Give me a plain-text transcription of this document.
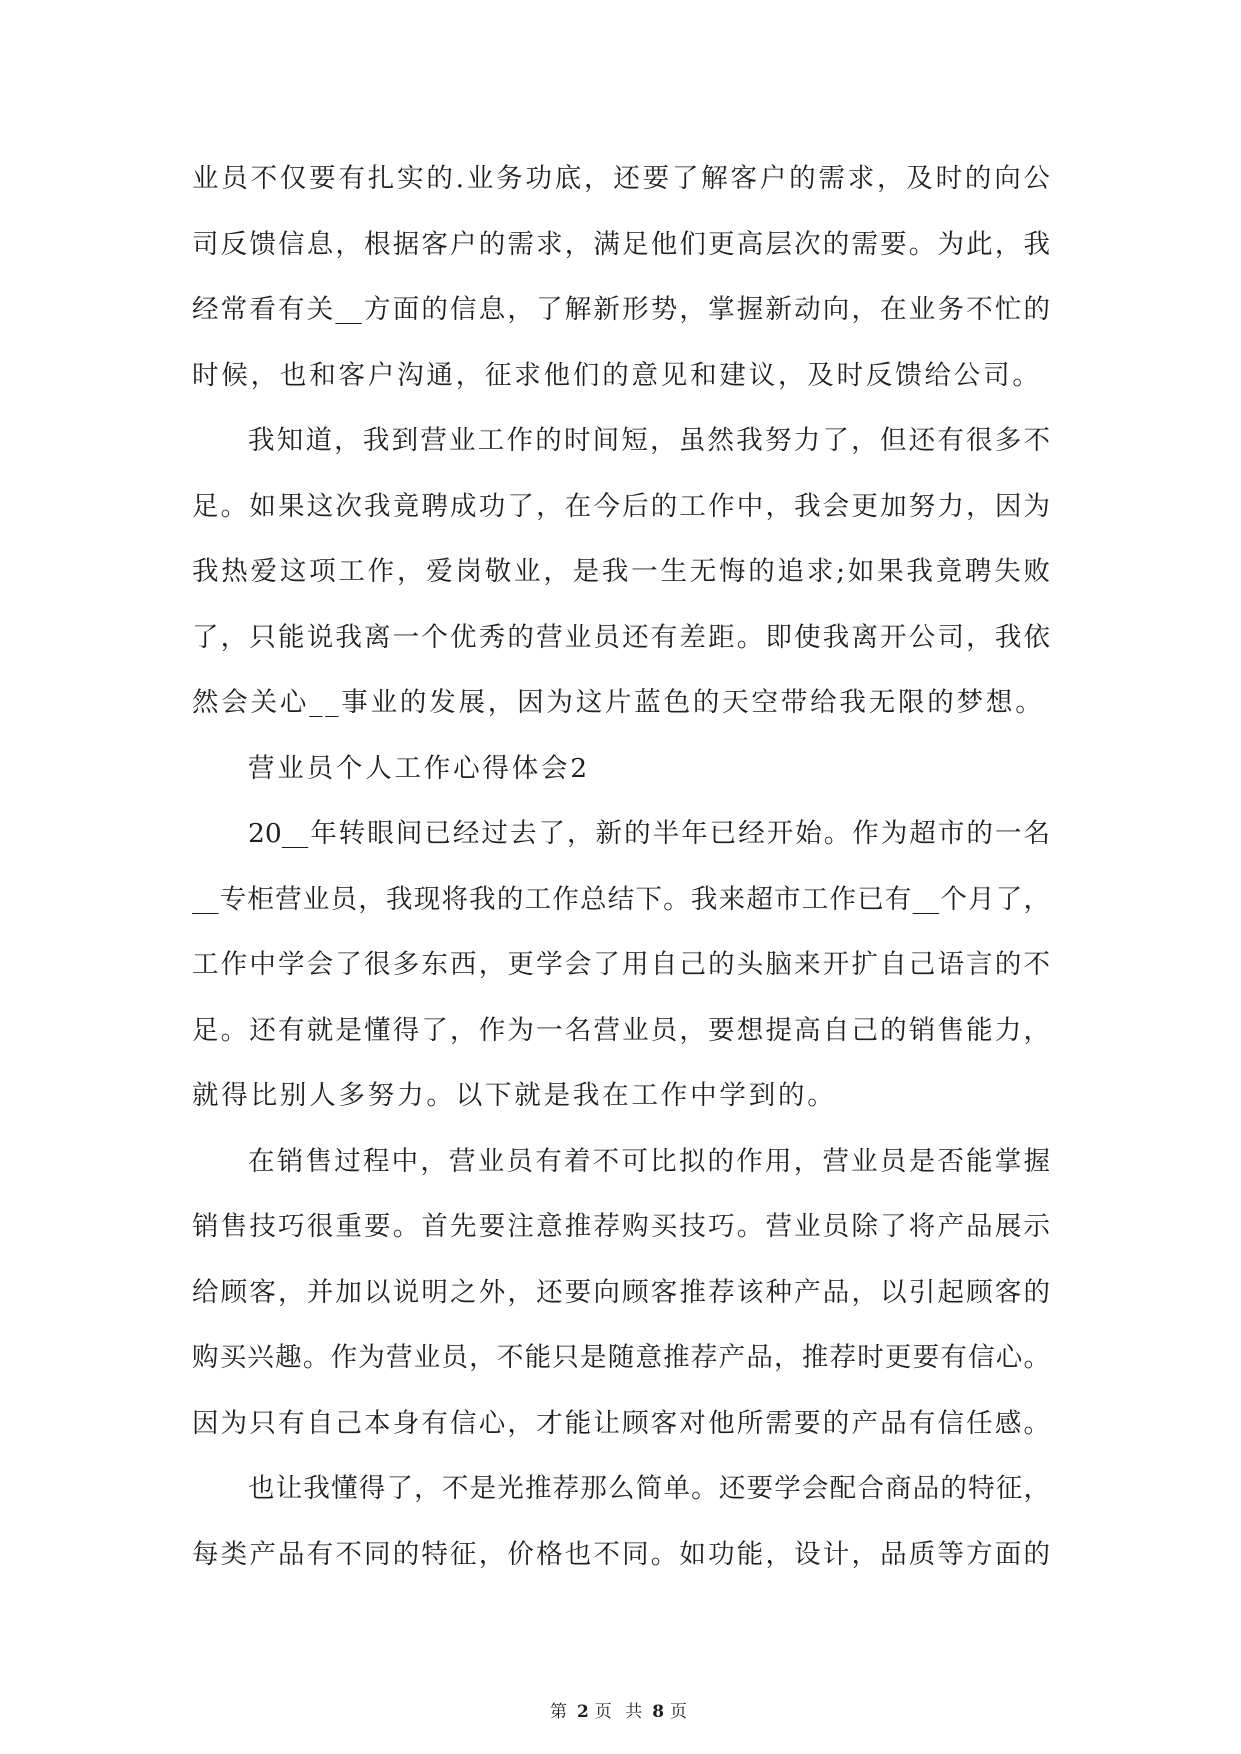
业员不仅要有扎实的.业务功底，还要了解客户的需求，及时的向公
司反馈信息，根据客户的需求，满足他们更高层次的需要。为此，我
经常看有关__方面的信息，了解新形势，掌握新动向，在业务不忙的
时候，也和客户沟通，征求他们的意见和建议，及时反馈给公司。
我知道，我到营业工作的时间短，虽然我努力了，但还有很多不
足。如果这次我竟聘成功了，在今后的工作中，我会更加努力，因为
我热爱这项工作，爱岗敬业，是我一生无悔的追求;如果我竟聘失败
了，只能说我离一个优秀的营业员还有差距。即使我离开公司，我依
然会关心__事业的发展，因为这片蓝色的天空带给我无限的梦想。
营业员个人工作心得体会2
20__年转眼间已经过去了，新的半年已经开始。作为超市的一名
__专柜营业员，我现将我的工作总结下。我来超市工作已有__个月了，
工作中学会了很多东西，更学会了用自己的头脑来开扩自己语言的不
足。还有就是懂得了，作为一名营业员，要想提高自己的销售能力，
就得比别人多努力。以下就是我在工作中学到的。
在销售过程中，营业员有着不可比拟的作用，营业员是否能掌握
销售技巧很重要。首先要注意推荐购买技巧。营业员除了将产品展示
给顾客，并加以说明之外，还要向顾客推荐该种产品，以引起顾客的
购买兴趣。作为营业员，不能只是随意推荐产品，推荐时更要有信心。
因为只有自己本身有信心，才能让顾客对他所需要的产品有信任感。
也让我懂得了，不是光推荐那么简单。还要学会配合商品的特征，
每类产品有不同的特征，价格也不同。如功能，设计，品质等方面的
第 2 页 共 8 页
